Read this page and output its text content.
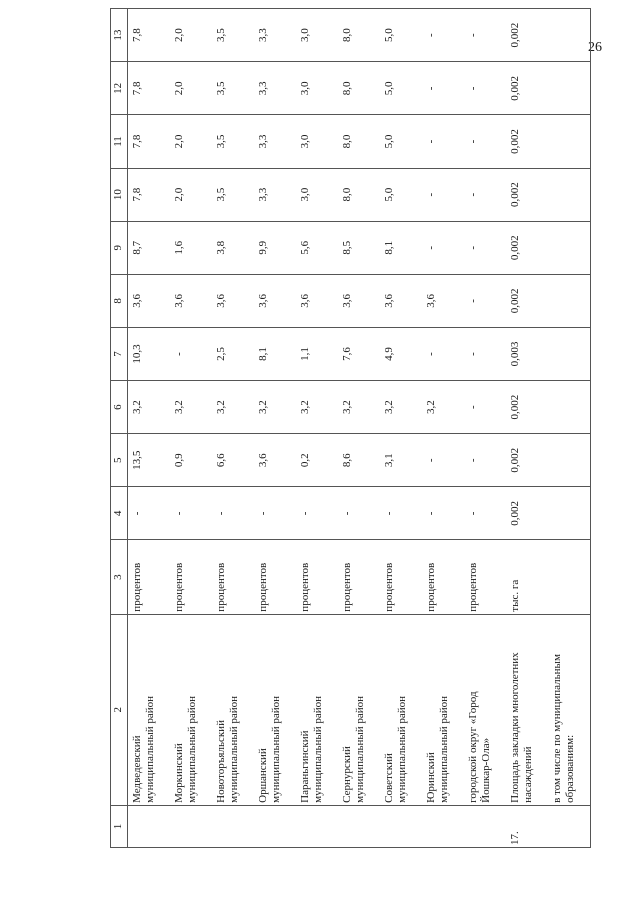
26
1	2	3	4	5	6	7	8	9	10	11	12	13

	Медведевский муниципальный район	процентов	-	13,5	3,2	10,3	3,6	8,7	7,8	7,8	7,8	7,8

	Моркинский муниципальный район	процентов	-	0,9	3,2	-	3,6	1,6	2,0	2,0	2,0	2,0

	Новоторъяльский муниципальный район	процентов	-	6,6	3,2	2,5	3,6	3,8	3,5	3,5	3,5	3,5

	Оршанский муниципальный район	процентов	-	3,6	3,2	8,1	3,6	9,9	3,3	3,3	3,3	3,3

	Параньгинский муниципальный район	процентов	-	0,2	3,2	1,1	3,6	5,6	3,0	3,0	3,0	3,0

	Сернурский муниципальный район	процентов	-	8,6	3,2	7,6	3,6	8,5	8,0	8,0	8,0	8,0

	Советский муниципальный район	процентов	-	3,1	3,2	4,9	3,6	8,1	5,0	5,0	5,0	5,0

	Юринский муниципальный район	процентов	-	-	3,2	-	3,6	-	-	-	-	-

	городской округ «Город Йошкар-Ола»	процентов	-	-	-	-	-	-	-	-	-	-
17.	Площадь закладки многолетних насаждений	тыс. га	0,002	0,002	0,002	0,003	0,002	0,002	0,002	0,002	0,002	0,002

	в том числе по муниципальным образованиям:											
